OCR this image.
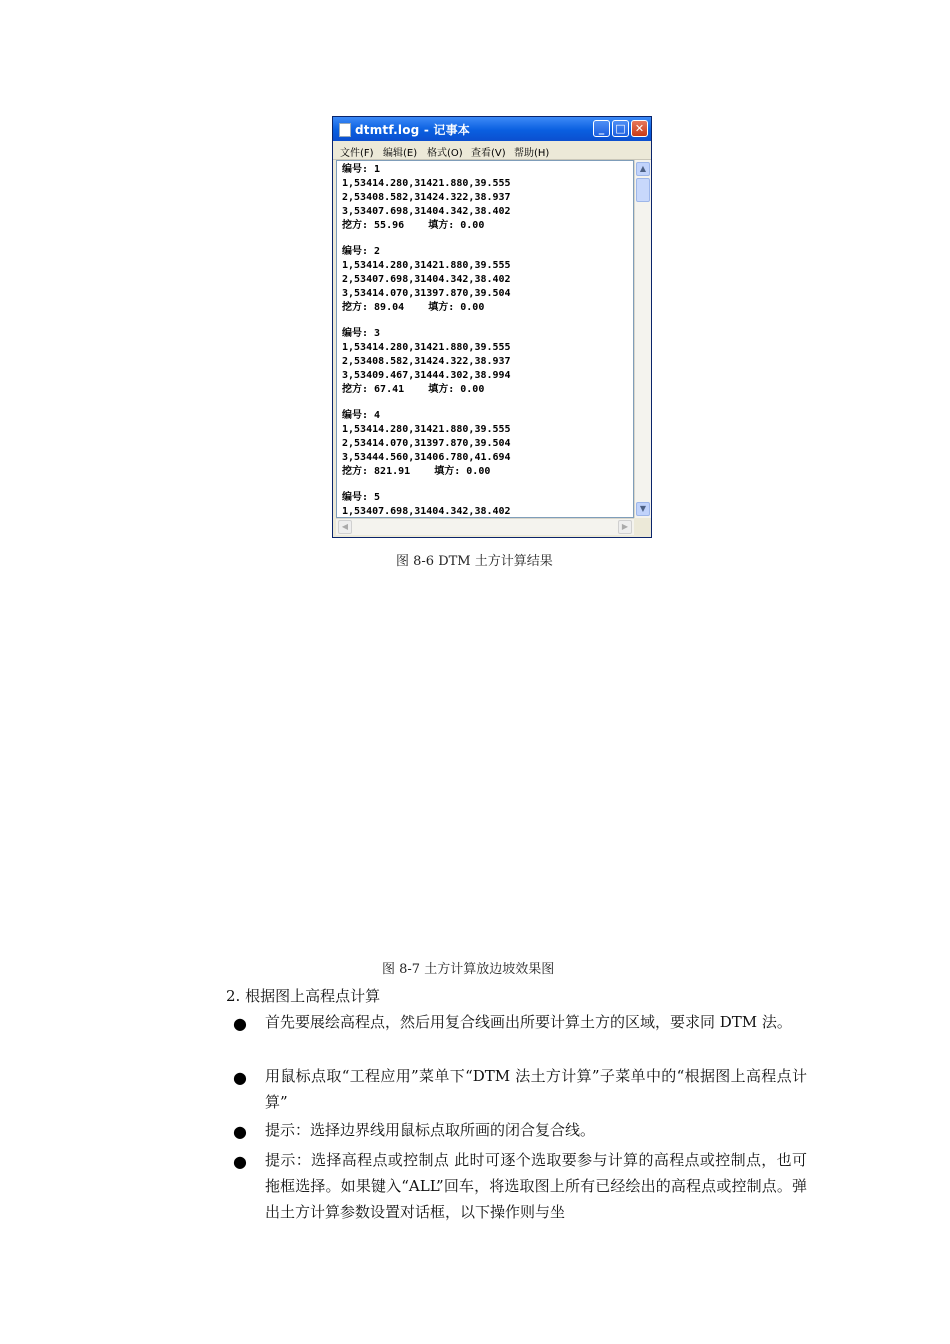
dtmtf.log - 记事本	_	□ ✕
文件(F) 编辑(E) 格式(O) 查看(V) 帮助(H)
编号: 1
1,53414.280,31421.880,39.555
2,53408.582,31424.322,38.937
3,53407.698,31404.342,38.402
挖方: 55.96    填方: 0.00
编号: 2
1,53414.280,31421.880,39.555
2,53407.698,31404.342,38.402
3,53414.070,31397.870,39.504
挖方: 89.04    填方: 0.00
编号: 3
1,53414.280,31421.880,39.555
2,53408.582,31424.322,38.937
3,53409.467,31444.302,38.994
挖方: 67.41    填方: 0.00
编号: 4
1,53414.280,31421.880,39.555
2,53414.070,31397.870,39.504
3,53444.560,31406.780,41.694
挖方: 821.91    填方: 0.00
编号: 5
1,53407.698,31404.342,38.402
▲
▼
◀	▶
图 8-6 DTM 土方计算结果
图 8-7 土方计算放边坡效果图
2. 根据图上高程点计算
● 首先要展绘高程点，然后用复合线画出所要计算土方的区域，要求同 DTM 法。
● 用鼠标点取“工程应用”菜单下“DTM 法土方计算”子菜单中的“根据图上高程点计算”
● 提示：选择边界线用鼠标点取所画的闭合复合线。
● 提示：选择高程点或控制点 此时可逐个选取要参与计算的高程点或控制点，也可拖框选择。如果键入“ALL”回车，将选取图上所有已经绘出的高程点或控制点。弹出土方计算参数设置对话框，以下操作则与坐
